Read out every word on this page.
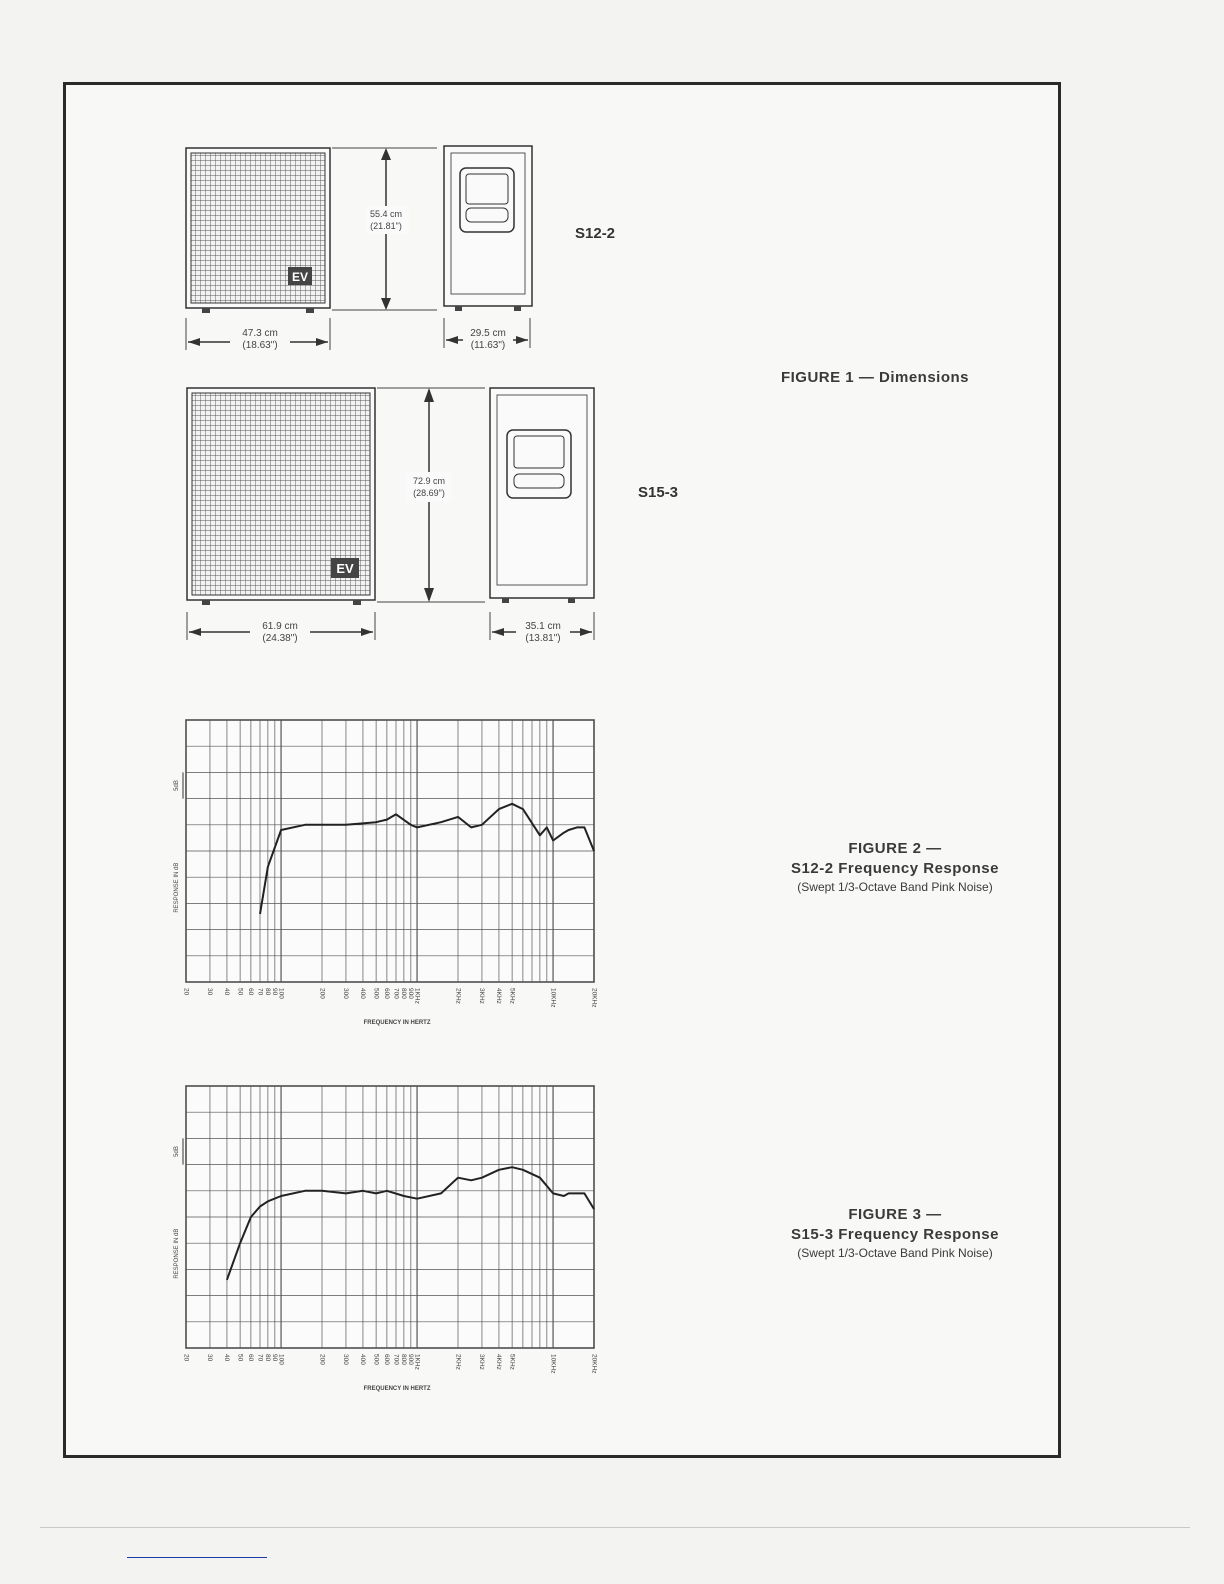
EV
55.4 cm
(21.81")
47.3 cm
(18.63")
29.5 cm
(11.63")
S12-2
EV
72.9 cm
(28.69")
61.9 cm
(24.38")
35.1 cm
(13.81")
S15-3
FIGURE 1 — Dimensions
20	30 40 50 60 70 80 90 100	200	300 400 500 600 700 800 900 1KHz	2KHz	3KHz 4KHz 5KHz	10KHz	20KHz
FREQUENCY IN HERTZ
RESPONSE IN dB
5dB
FIGURE 2 —
S12-2 Frequency Response
(Swept 1/3-Octave Band Pink Noise)
20	30 40 50 60 70 80 90 100	200	300 400 500 600 700 800 900 1KHz	2KHz	3KHz 4KHz 5KHz	10KHz	20KHz
FREQUENCY IN HERTZ
RESPONSE IN dB
5dB
FIGURE 3 —
S15-3 Frequency Response
(Swept 1/3-Octave Band Pink Noise)
